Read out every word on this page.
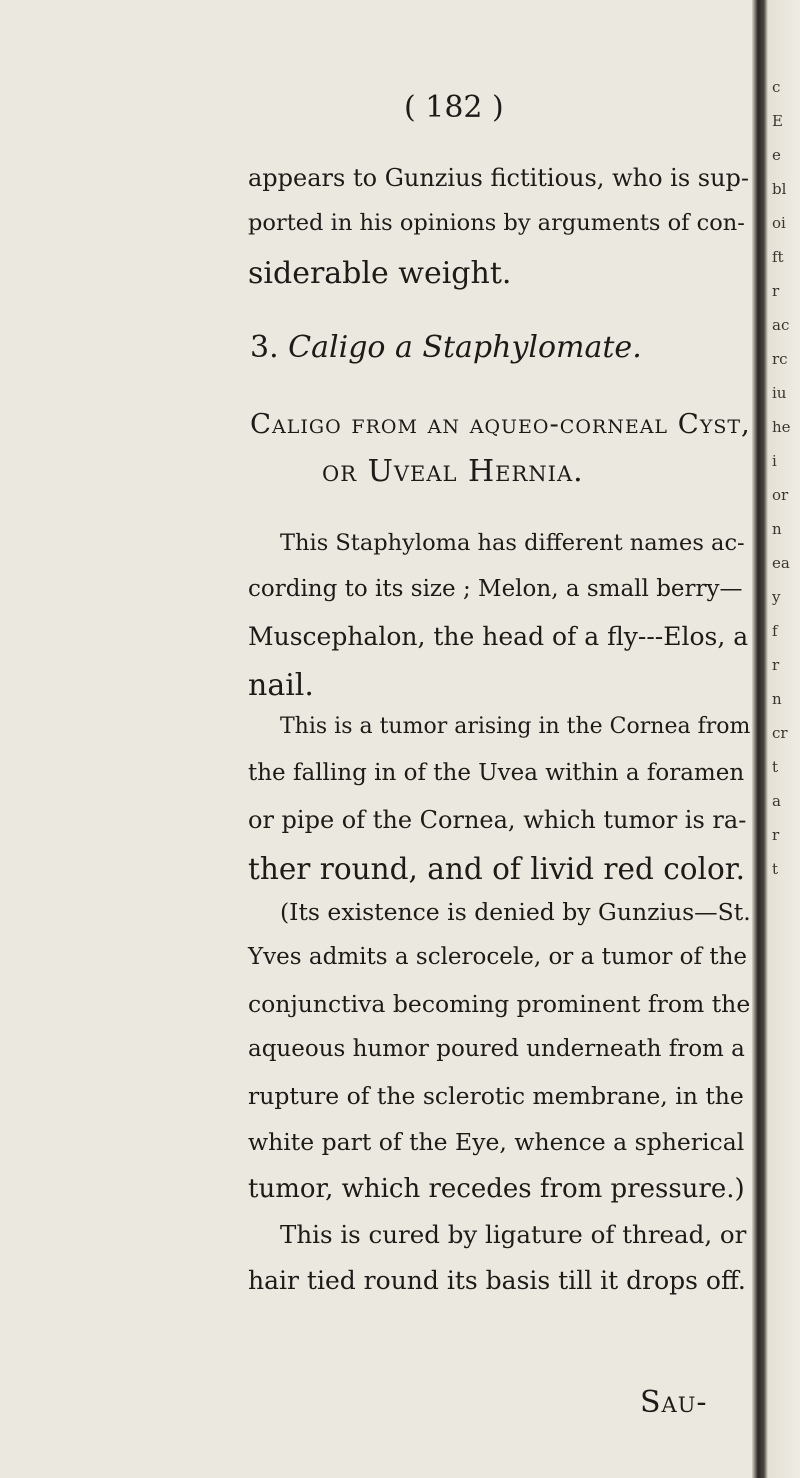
c
E
e
bl
oi
ft
r
ac
rc
iu
he
i
or
n
ea
y
f
r
n
cr
t
a
r
t
( 182 )
appears to Gunzius fictitious, who is sup-
ported in his opinions by arguments of con-
siderable weight.
3. Caligo a Staphylomate.
Caligo from an aqueo-corneal Cyst,
or Uveal Hernia.
This Staphyloma has different names ac-
cording to its size ; Melon, a small berry—
Muscephalon, the head of a fly---Elos, a
nail.
This is a tumor arising in the Cornea from
the falling in of the Uvea within a foramen
or pipe of the Cornea, which tumor is ra-
ther round, and of livid red color.
(Its existence is denied by Gunzius—St.
Yves admits a sclerocele, or a tumor of the
conjunctiva becoming prominent from the
aqueous humor poured underneath from a
rupture of the sclerotic membrane, in the
white part of the Eye, whence a spherical
tumor, which recedes from pressure.)
This is cured by ligature of thread, or
hair tied round its basis till it drops off.
Sau-
